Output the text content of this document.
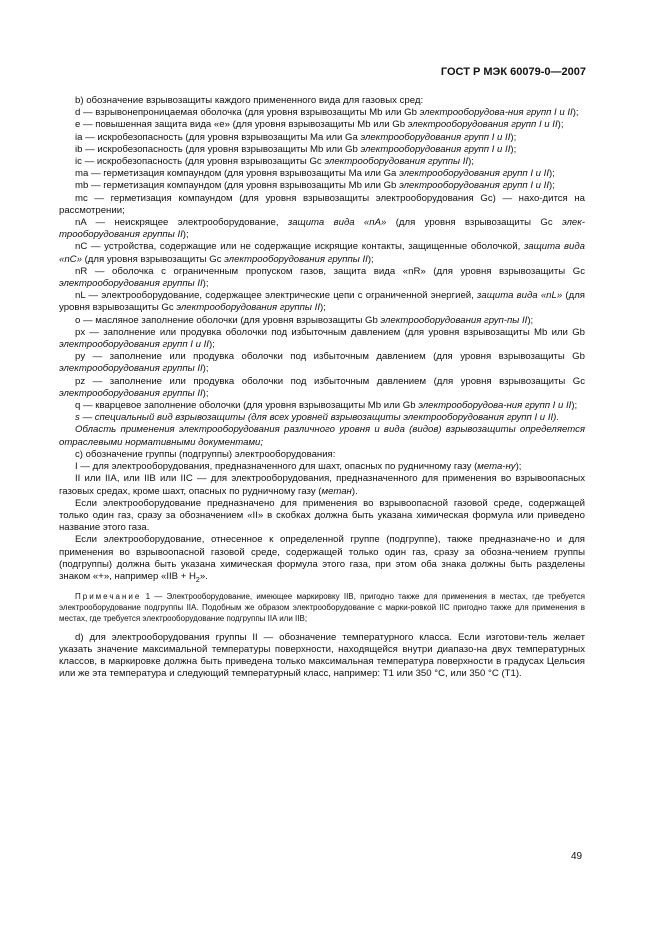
ГОСТ Р МЭК 60079-0—2007

b) обозначение взрывозащиты каждого примененного вида для газовых сред:

d — взрывонепроницаемая оболочка (для уровня взрывозащиты Mb или Gb электрооборудова-ния групп I и II);

e — повышенная защита вида «e» (для уровня взрывозащиты Mb или Gb электрооборудования групп I и II);

ia — искробезопасность (для уровня взрывозащиты Ma или Ga электрооборудования групп I и II);

ib — искробезопасность (для уровня взрывозащиты Mb или Gb электрооборудования групп I и II);

ic — искробезопасность (для уровня взрывозащиты Gc электрооборудования группы II);

ma — герметизация компаундом (для уровня взрывозащиты Ma или Ga электрооборудования групп I и II);

mb — герметизация компаундом (для уровня взрывозащиты Mb или Gb электрооборудования групп I и II);

mc — герметизация компаундом (для уровня взрывозащиты электрооборудования Gc) — нахо-дится на рассмотрении;

nA — неискрящее электрооборудование, защита вида «nA» (для уровня взрывозащиты Gc элек-трооборудования группы II);

nC — устройства, содержащие или не содержащие искрящие контакты, защищенные оболочкой, защита вида «nC» (для уровня взрывозащиты Gc электрооборудования группы II);

nR — оболочка с ограниченным пропуском газов, защита вида «nR» (для уровня взрывозащиты Gc электрооборудования группы II);

nL — электрооборудование, содержащее электрические цепи с ограниченной энергией, защита вида «nL» (для уровня взрывозащиты Gc электрооборудования группы II);

o — масляное заполнение оболочки (для уровня взрывозащиты Gb электрооборудования груп-пы II);

px — заполнение или продувка оболочки под избыточным давлением (для уровня взрывозащиты Mb или Gb электрооборудования групп I и II);

py — заполнение или продувка оболочки под избыточным давлением (для уровня взрывозащиты Gb электрооборудования группы II);

pz — заполнение или продувка оболочки под избыточным давлением (для уровня взрывозащиты Gc электрооборудования группы II);

q — кварцевое заполнение оболочки (для уровня взрывозащиты Mb или Gb электрооборудова-ния групп I и II);

s — специальный вид взрывозащиты (для всех уровней взрывозащиты электрооборудования групп I и II).

Область применения электрооборудования различного уровня и вида (видов) взрывозащиты определяется отраслевыми нормативными документами;

c) обозначение группы (подгруппы) электрооборудования:

I — для электрооборудования, предназначенного для шахт, опасных по рудничному газу (мета-ну);

II или IIA, или IIB или IIC — для электрооборудования, предназначенного для применения во взрывоопасных газовых средах, кроме шахт, опасных по рудничному газу (метан).

Если электрооборудование предназначено для применения во взрывоопасной газовой среде, содержащей только один газ, сразу за обозначением «II» в скобках должна быть указана химическая формула или приведено название этого газа.

Если электрооборудование, отнесенное к определенной группе (подгруппе), также предназначе-но и для применения во взрывоопасной газовой среде, содержащей только один газ, сразу за обозна-чением группы (подгруппы) должна быть указана химическая формула этого газа, при этом оба знака должны быть разделены знаком «+», например «IIB + $H_2$».

Примечание 1 — Электрооборудование, имеющее маркировку IIB, пригодно также для применения в местах, где требуется электрооборудование подгруппы IIA. Подобным же образом электрооборудование с марки-ровкой IIC пригодно также для применения в местах, где требуется электрооборудование подгруппы IIA или IIB;

d) для электрооборудования группы II — обозначение температурного класса. Если изготови-тель желает указать значение максимальной температуры поверхности, находящейся внутри диапазо-на двух температурных классов, в маркировке должна быть приведена только максимальная температура поверхности в градусах Цельсия или же эта температура и следующий температурный класс, например: T1 или 350 °C, или 350 °C (T1).

49
